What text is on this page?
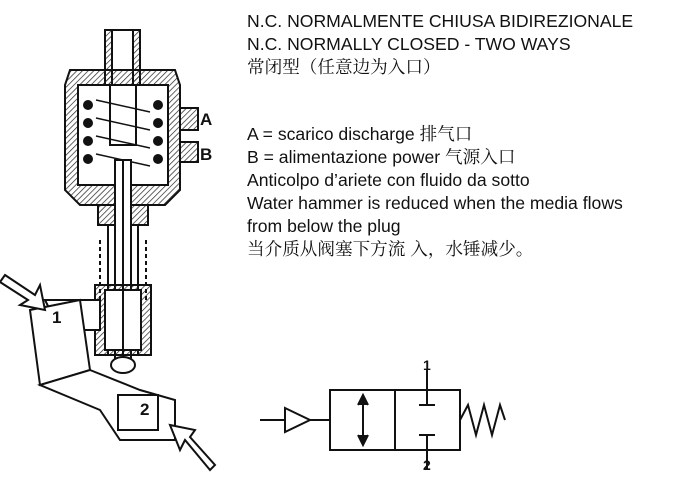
A
B
1
2
N.C. NORMALMENTE CHIUSA BIDIREZIONALE
N.C. NORMALLY CLOSED - TWO WAYS
常闭型（任意边为入口）
A = scarico discharge 排气口
B = alimentazione power 气源入口
Anticolpo d’ariete con fluido da sotto
Water hammer is reduced when the media flows
from below the plug
当介质从阀塞下方流 入，水锤减少。
1
2
